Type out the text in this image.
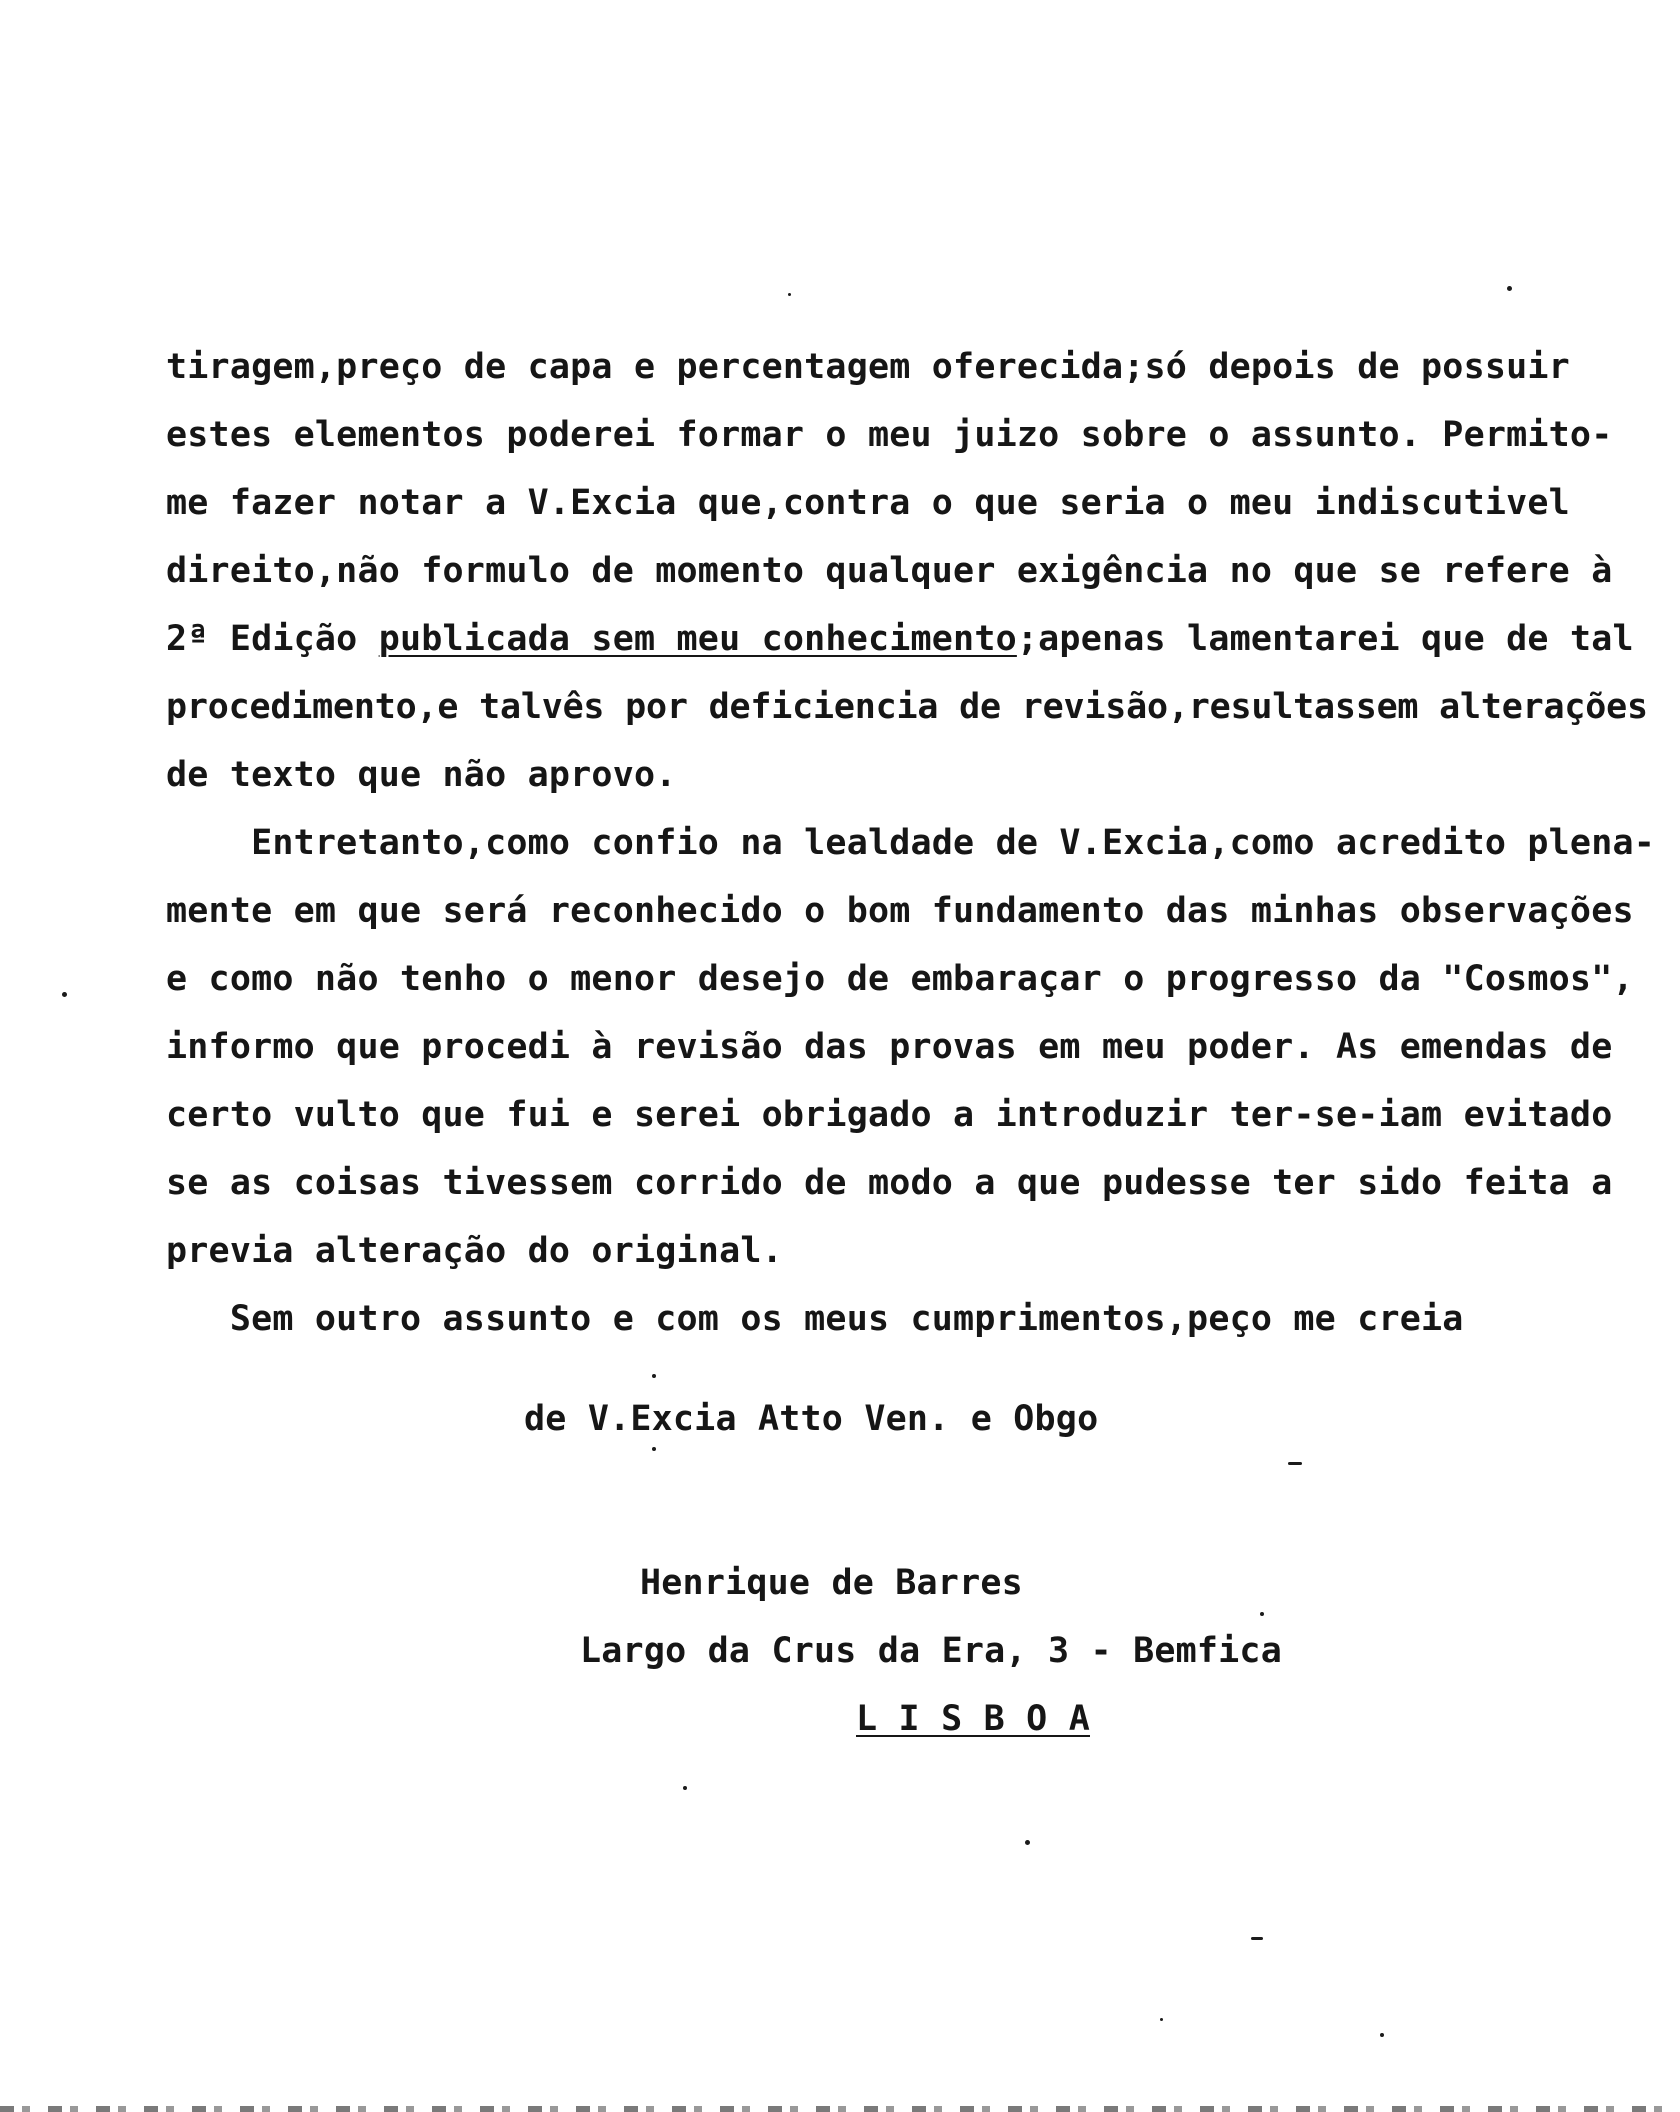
tiragem,preço de capa e percentagem oferecida;só depois de possuir
estes elementos poderei formar o meu juizo sobre o assunto. Permito-
me fazer notar a V.Excia que,contra o que seria o meu indiscutivel
direito,não formulo de momento qualquer exigência no que se refere à
2ª Edição publicada sem meu conhecimento;apenas lamentarei que de tal
procedimento,e talvês por deficiencia de revisão,resultassem alterações
de texto que não aprovo.
Entretanto,como confio na lealdade de V.Excia,como acredito plena-
mente em que será reconhecido o bom fundamento das minhas observações
e como não tenho o menor desejo de embaraçar o progresso da "Cosmos",
informo que procedi à revisão das provas em meu poder. As emendas de
certo vulto que fui e serei obrigado a introduzir ter-se-iam evitado
se as coisas tivessem corrido de modo a que pudesse ter sido feita a
previa alteração do original.
Sem outro assunto e com os meus cumprimentos,peço me creia
de V.Excia Atto Ven. e Obgo
Henrique de Barres
Largo da Crus da Era, 3 - Bemfica
L I S B O A
